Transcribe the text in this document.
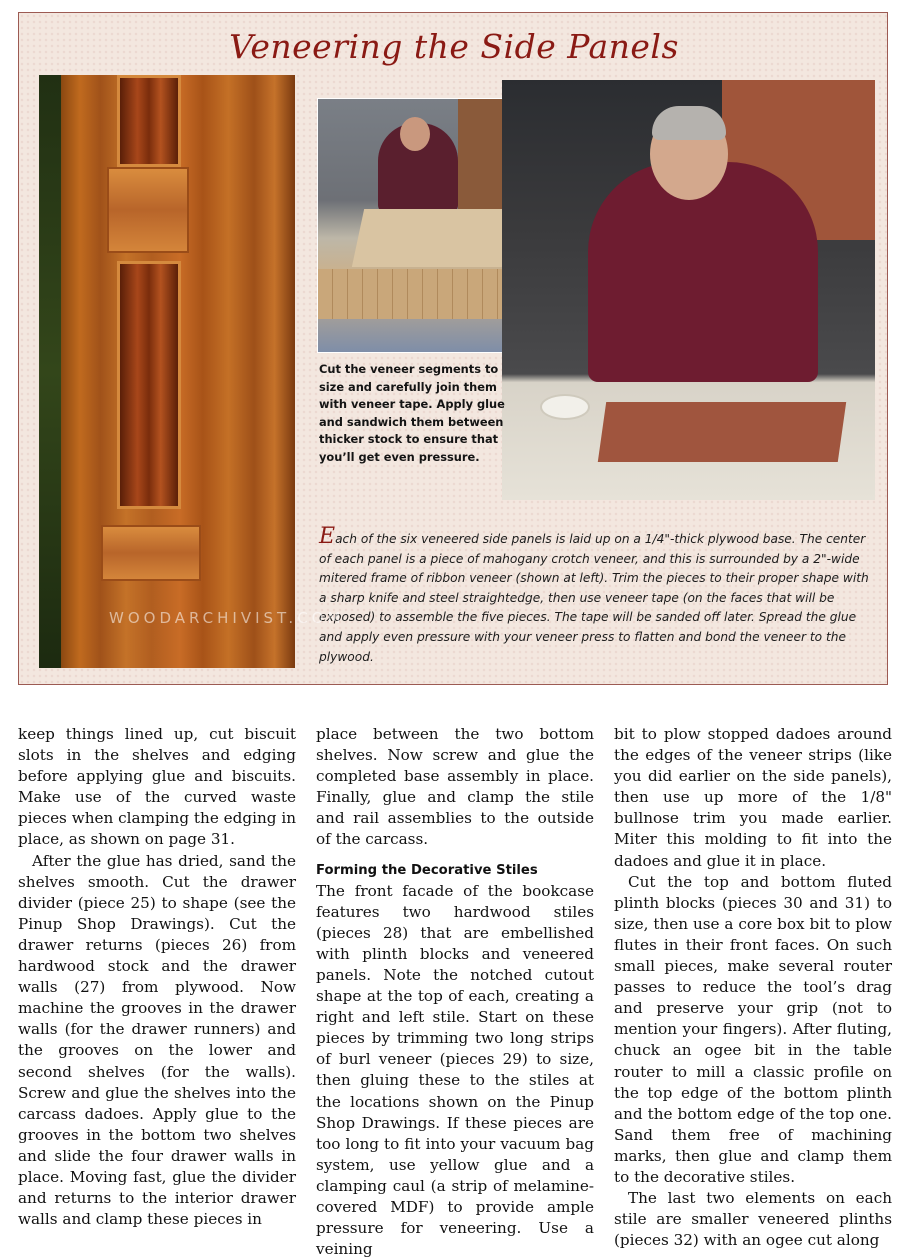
Veneering the Side Panels
Cut the veneer segments to size and carefully join them with veneer tape. Apply glue and sandwich them between thicker stock to ensure that you’ll get even pressure.
Each of the six veneered side panels is laid up on a 1/4"-thick plywood base. The center of each panel is a piece of mahogany crotch veneer, and this is surrounded by a 2"-wide mitered frame of ribbon veneer (shown at left). Trim the pieces to their proper shape with a sharp knife and steel straightedge, then use veneer tape (on the faces that will be exposed) to assemble the five pieces. The tape will be sanded off later. Spread the glue and apply even pressure with your veneer press to flatten and bond the veneer to the plywood.
WOODARCHIVIST.COM

keep things lined up, cut biscuit slots in the shelves and edging before applying glue and biscuits. Make use of the curved waste pieces when clamping the edging in place, as shown on page 31.

After the glue has dried, sand the shelves smooth. Cut the drawer divider (piece 25) to shape (see the Pinup Shop Drawings). Cut the drawer returns (pieces 26) from hardwood stock and the drawer walls (27) from plywood. Now machine the grooves in the drawer walls (for the drawer runners) and the grooves on the lower and second shelves (for the walls). Screw and glue the shelves into the carcass dadoes. Apply glue to the grooves in the bottom two shelves and slide the four drawer walls in place. Moving fast, glue the divider and returns to the interior drawer walls and clamp these pieces in

place between the two bottom shelves. Now screw and glue the completed base assembly in place. Finally, glue and clamp the stile and rail assemblies to the outside of the carcass.

Forming the Decorative Stiles

The front facade of the bookcase features two hardwood stiles (pieces 28) that are embellished with plinth blocks and veneered panels. Note the notched cutout shape at the top of each, creating a right and left stile. Start on these pieces by trimming two long strips of burl veneer (pieces 29) to size, then gluing these to the stiles at the locations shown on the Pinup Shop Drawings. If these pieces are too long to fit into your vacuum bag system, use yellow glue and a clamping caul (a strip of melamine-covered MDF) to provide ample pressure for veneering. Use a veining

bit to plow stopped dadoes around the edges of the veneer strips (like you did earlier on the side panels), then use up more of the 1/8" bullnose trim you made earlier. Miter this molding to fit into the dadoes and glue it in place.

Cut the top and bottom fluted plinth blocks (pieces 30 and 31) to size, then use a core box bit to plow flutes in their front faces. On such small pieces, make several router passes to reduce the tool’s drag and preserve your grip (not to mention your fingers). After fluting, chuck an ogee bit in the table router to mill a classic profile on the top edge of the bottom plinth and the bottom edge of the top one. Sand them free of machining marks, then glue and clamp them to the decorative stiles.

The last two elements on each stile are smaller veneered plinths (pieces 32) with an ogee cut along
